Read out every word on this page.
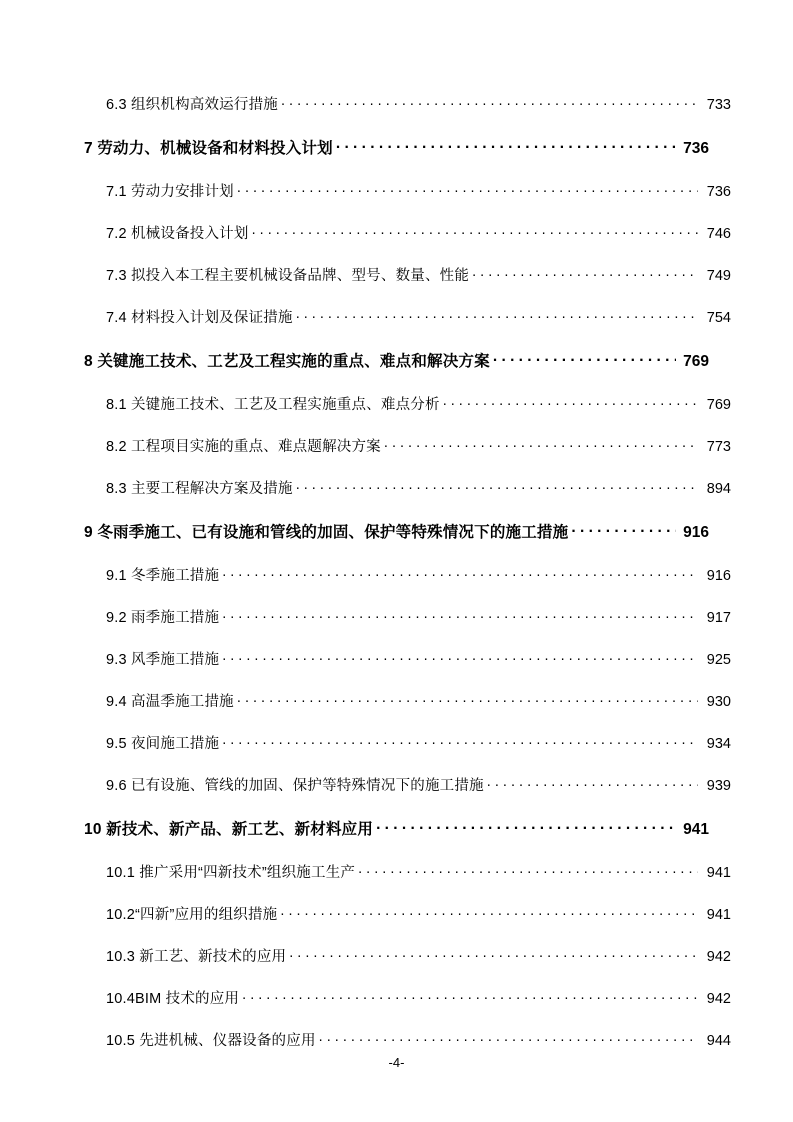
6.3 组织机构高效运行措施 . . .	733
7 劳动力、机械设备和材料投入计划 . . .	736
7.1 劳动力安排计划 . . .	736
7.2 机械设备投入计划 . . .	746
7.3 拟投入本工程主要机械设备品牌、型号、数量、性能 . . .	749
7.4 材料投入计划及保证措施 . . .	754
8 关键施工技术、工艺及工程实施的重点、难点和解决方案 . . .	769
8.1 关键施工技术、工艺及工程实施重点、难点分析 . . .	769
8.2 工程项目实施的重点、难点题解决方案 . . .	773
8.3 主要工程解决方案及措施 . . .	894
9 冬雨季施工、已有设施和管线的加固、保护等特殊情况下的施工措施 . . .	916
9.1 冬季施工措施 . . .	916
9.2 雨季施工措施 . . .	917
9.3 风季施工措施 . . .	925
9.4 高温季施工措施 . . .	930
9.5 夜间施工措施 . . .	934
9.6 已有设施、管线的加固、保护等特殊情况下的施工措施 . . .	939
10 新技术、新产品、新工艺、新材料应用 . . .	941
10.1 推广采用“四新技术”组织施工生产 . . .	941
10.2“四新”应用的组织措施 . . .	941
10.3 新工艺、新技术的应用 . . .	942
10.4BIM 技术的应用 . . .	942
10.5 先进机械、仪器设备的应用 . . .	944
-4-
